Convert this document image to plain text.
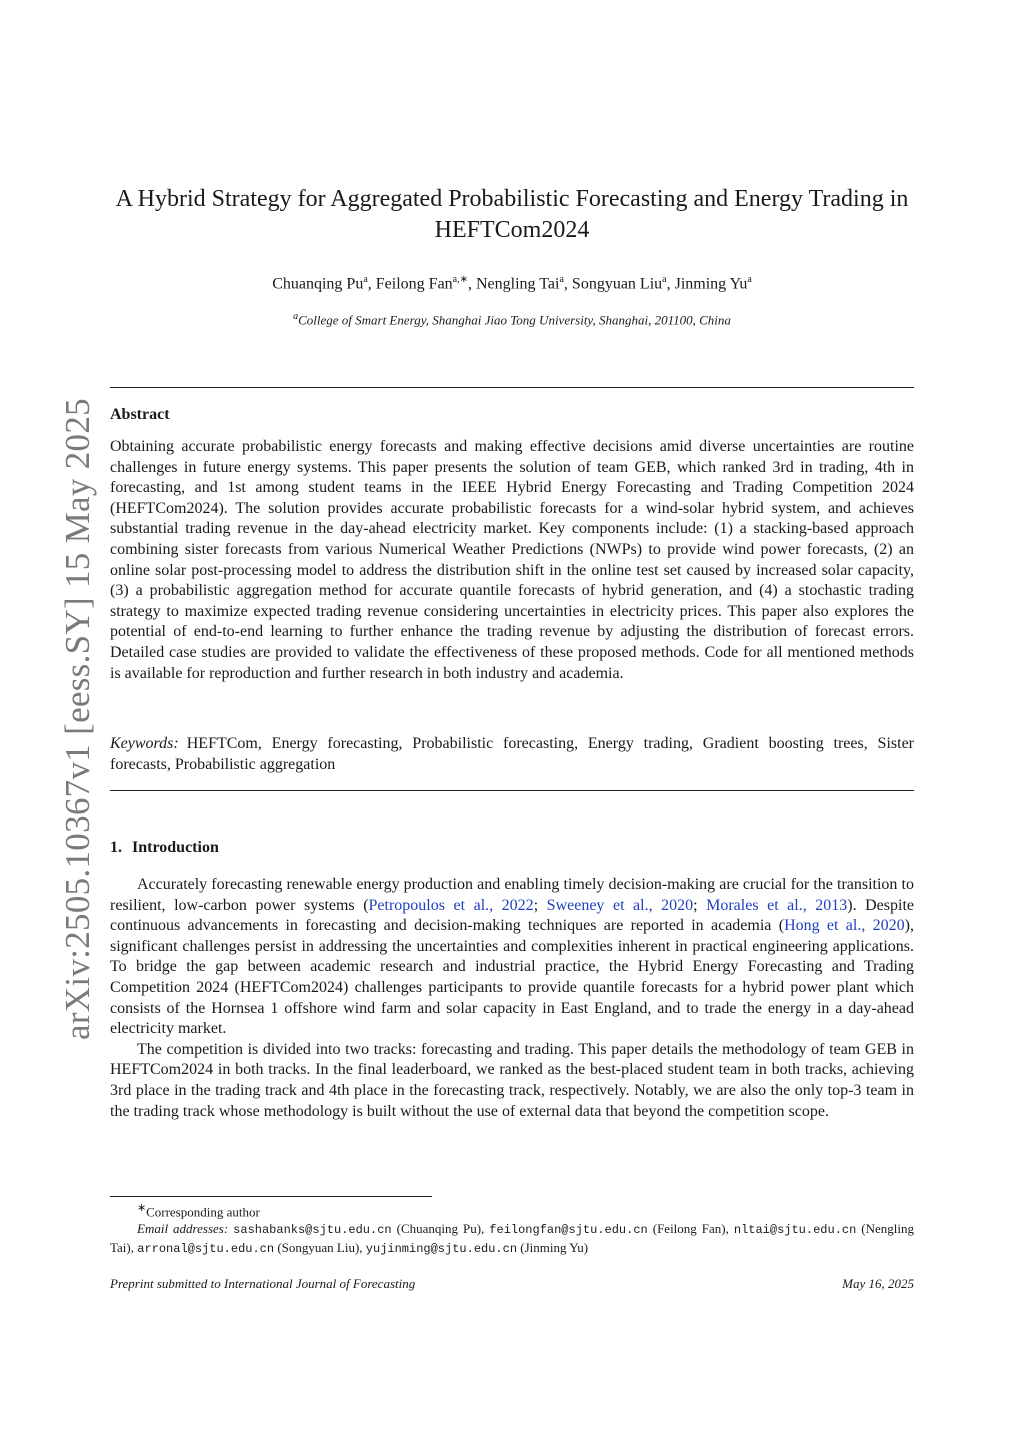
arXiv:2505.10367v1 [eess.SY] 15 May 2025
A Hybrid Strategy for Aggregated Probabilistic Forecasting and Energy Trading in HEFTCom2024
Chuanqing Pu$^a$, Feilong Fan$^{a,∗}$, Nengling Tai$^a$, Songyuan Liu$^a$, Jinming Yu$^a$
$^a$College of Smart Energy, Shanghai Jiao Tong University, Shanghai, 201100, China
Abstract
Obtaining accurate probabilistic energy forecasts and making effective decisions amid diverse uncertainties are routine challenges in future energy systems. This paper presents the solution of team GEB, which ranked 3rd in trading, 4th in forecasting, and 1st among student teams in the IEEE Hybrid Energy Forecasting and Trading Competition 2024 (HEFTCom2024). The solution provides accurate probabilistic forecasts for a wind-solar hybrid system, and achieves substantial trading revenue in the day-ahead electricity market. Key components include: (1) a stacking-based approach combining sister forecasts from various Numerical Weather Predictions (NWPs) to provide wind power forecasts, (2) an online solar post-processing model to address the distribution shift in the online test set caused by increased solar capacity, (3) a probabilistic aggregation method for accurate quantile forecasts of hybrid generation, and (4) a stochastic trading strategy to maximize expected trading revenue considering uncertainties in electricity prices. This paper also explores the potential of end-to-end learning to further enhance the trading revenue by adjusting the distribution of forecast errors. Detailed case studies are provided to validate the effectiveness of these proposed methods. Code for all mentioned methods is available for reproduction and further research in both industry and academia.
Keywords: HEFTCom, Energy forecasting, Probabilistic forecasting, Energy trading, Gradient boosting trees, Sister forecasts, Probabilistic aggregation
1. Introduction

Accurately forecasting renewable energy production and enabling timely decision-making are crucial for the transition to resilient, low-carbon power systems (Petropoulos et al., 2022; Sweeney et al., 2020; Morales et al., 2013). Despite continuous advancements in forecasting and decision-making techniques are reported in academia (Hong et al., 2020), significant challenges persist in addressing the uncertainties and complexities inherent in practical engineering applications. To bridge the gap between academic research and industrial practice, the Hybrid Energy Forecasting and Trading Competition 2024 (HEFTCom2024) challenges participants to provide quantile forecasts for a hybrid power plant which consists of the Hornsea 1 offshore wind farm and solar capacity in East England, and to trade the energy in a day-ahead electricity market.

The competition is divided into two tracks: forecasting and trading. This paper details the methodology of team GEB in HEFTCom2024 in both tracks. In the final leaderboard, we ranked as the best-placed student team in both tracks, achieving 3rd place in the trading track and 4th place in the forecasting track, respectively. Notably, we are also the only top-3 team in the trading track whose methodology is built without the use of external data that beyond the competition scope.

∗Corresponding author
Email addresses: sashabanks@sjtu.edu.cn (Chuanqing Pu), feilongfan@sjtu.edu.cn (Feilong Fan), nltai@sjtu.edu.cn (Nengling Tai), arronal@sjtu.edu.cn (Songyuan Liu), yujinming@sjtu.edu.cn (Jinming Yu)
Preprint submitted to International Journal of Forecasting	May 16, 2025
